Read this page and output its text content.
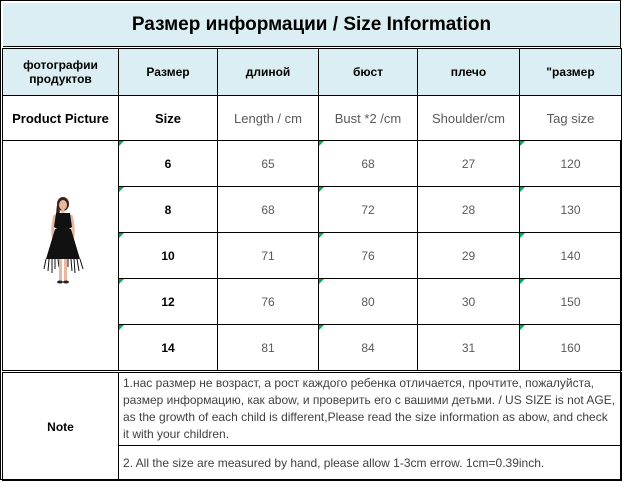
Размер информации / Size Information
фотографии продуктов	Размер	длиной	бюст	плечо	"размер
Product Picture	Size	Length / cm	Bust *2 /cm	Shoulder/cm	Tag size

	6	65	68	27	120
	8	68	72	28	130
	10	71	76	29	140
	12	76	80	30	150
	14	81	84	31	160
Note	1.нас размер не возраст, а рост каждого ребенка отличается, прочтите, пожалуйста, размер информацию, как abow, и проверить его с вашими детьми. / US SIZE is not AGE, as the growth of each child is different,Please read the size information as abow, and check it with your children.
2. All the size are measured by hand, please allow 1-3cm errow. 1cm=0.39inch.
